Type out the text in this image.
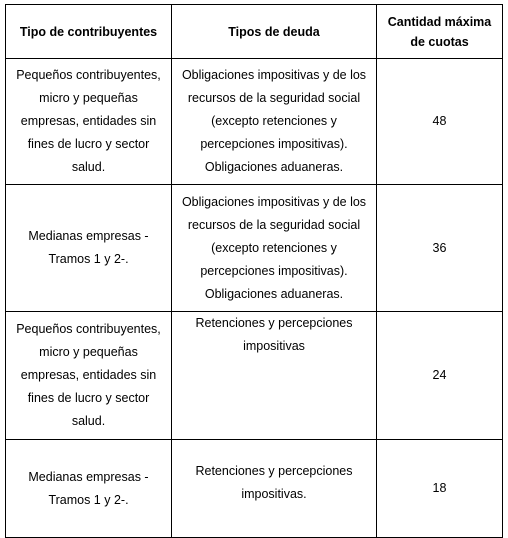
Tipo de contribuyentes	Tipos de deuda	Cantidad máxima de cuotas
Pequeños contribuyentes, micro y pequeñas empresas, entidades sin fines de lucro y sector salud.	Obligaciones impositivas y de los recursos de la seguridad social (excepto retenciones y percepciones impositivas). Obligaciones aduaneras.	48
Medianas empresas - Tramos 1 y 2-.	Obligaciones impositivas y de los recursos de la seguridad social (excepto retenciones y percepciones impositivas). Obligaciones aduaneras.	36
Pequeños contribuyentes, micro y pequeñas empresas, entidades sin fines de lucro y sector salud.	Retenciones y percepciones impositivas	24
Medianas empresas - Tramos 1 y 2-.	Retenciones y percepciones impositivas.	18
